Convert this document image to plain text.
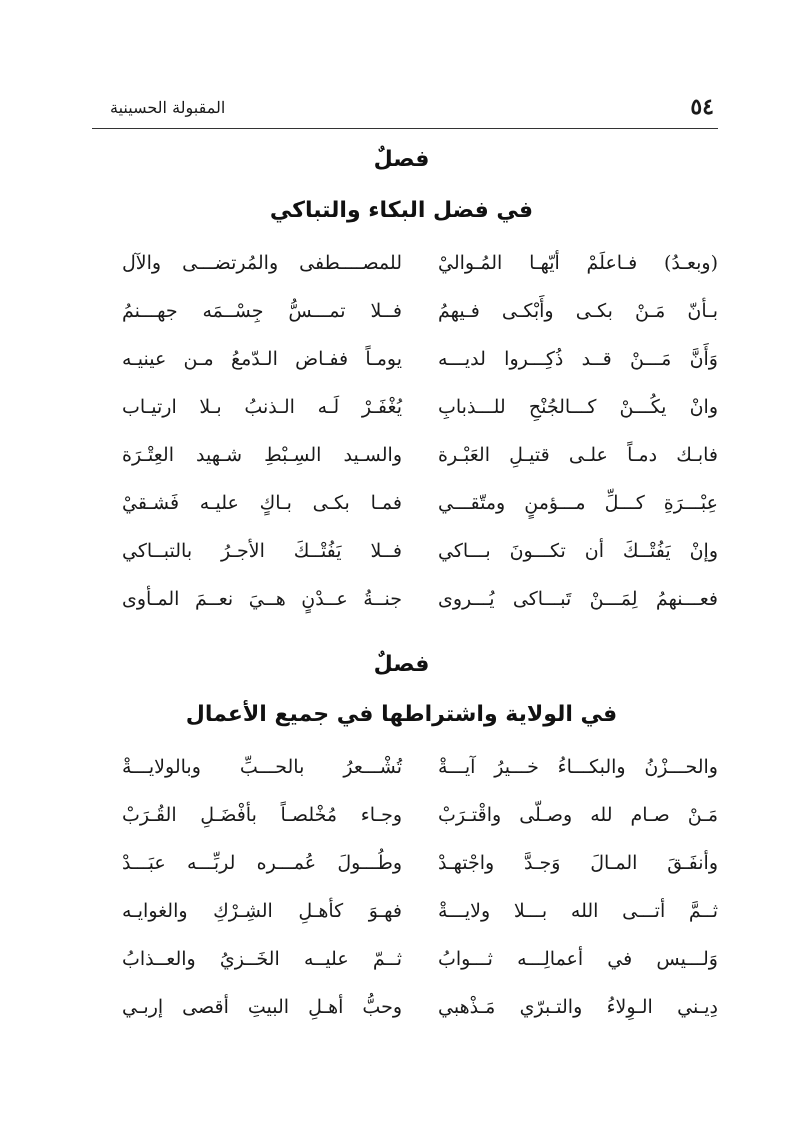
٥٤
المقبولة الحسينية
فصلٌ
في فضل البكاء والتباكي
(وبعـدُ) فـاعلَمْ أيّهـا المُـواليْ
للمصــــطفى والمُرتضـــى والآل
بـأنّ مَـنْ بكـى وأَبْكـى فـيهمُ
فــلا تمـــسُّ جِسْــمَه جهـــنمُ
وَأَنَّ مَـــنْ قــد ذُكِـــروا لديـــه
يومـاً ففـاض الـدّمعُ مـن عينيـه
وانْ يكُـــنْ كـــالجُنْحِ للـــذبابِ
يُغْفَـرْ لَـه الـذنبُ بـلا ارتيـاب
فابـك دمـاً علـى قتيـلِ العَبْـرة
والسـيد السِـبْطِ شـهيد العِتْـرَة
عِبْـــرَةِ كـــلِّ مـــؤمنٍ ومتّقـــي
فمـا بكـى بـاكٍ عليـه فَشـقيْ
وإنْ يَفُتْــكَ أن تكـــونَ بـــاكي
فــلا يَفُتْــكَ الأجـرُ بالتبــاكي
فعـــنهمُ لِمَـــنْ تَبـــاكى يُـــروى
جنــةُ عــدْنٍ هــيَ نعــمَ المـأوى
فصلٌ
في الولاية واشتراطها في جميع الأعمال
والحـــزْنُ والبكـــاءُ خـــيرُ آيـــةْ
تُشْـــعرُ بالحـــبِّ وبالولايـــةْ
مَـنْ صـام لله وصـلّى واقْتـرَبْ
وجـاء مُخْلصـاً بأفْضَـلِ القُـرَبْ
وأنفَـقَ المـالَ وَجـدَّ واجْتهـدْ
وطُـــولَ عُمـــره لربِّـــه عبَـــدْ
ثــمَّ أتـــى الله بـــلا ولايـــةْ
فهـوَ كأهـلِ الشِـرْكِ والغوايـه
وَلـــيس في أعمالِـــه ثـــوابُ
ثــمّ عليــه الخَــزيُ والعــذابُ
دِيـني الـوِلاءُ والتـبرّي مَـذْهبي
وحبُّ أهـلِ البيتِ أقصى إربـي
